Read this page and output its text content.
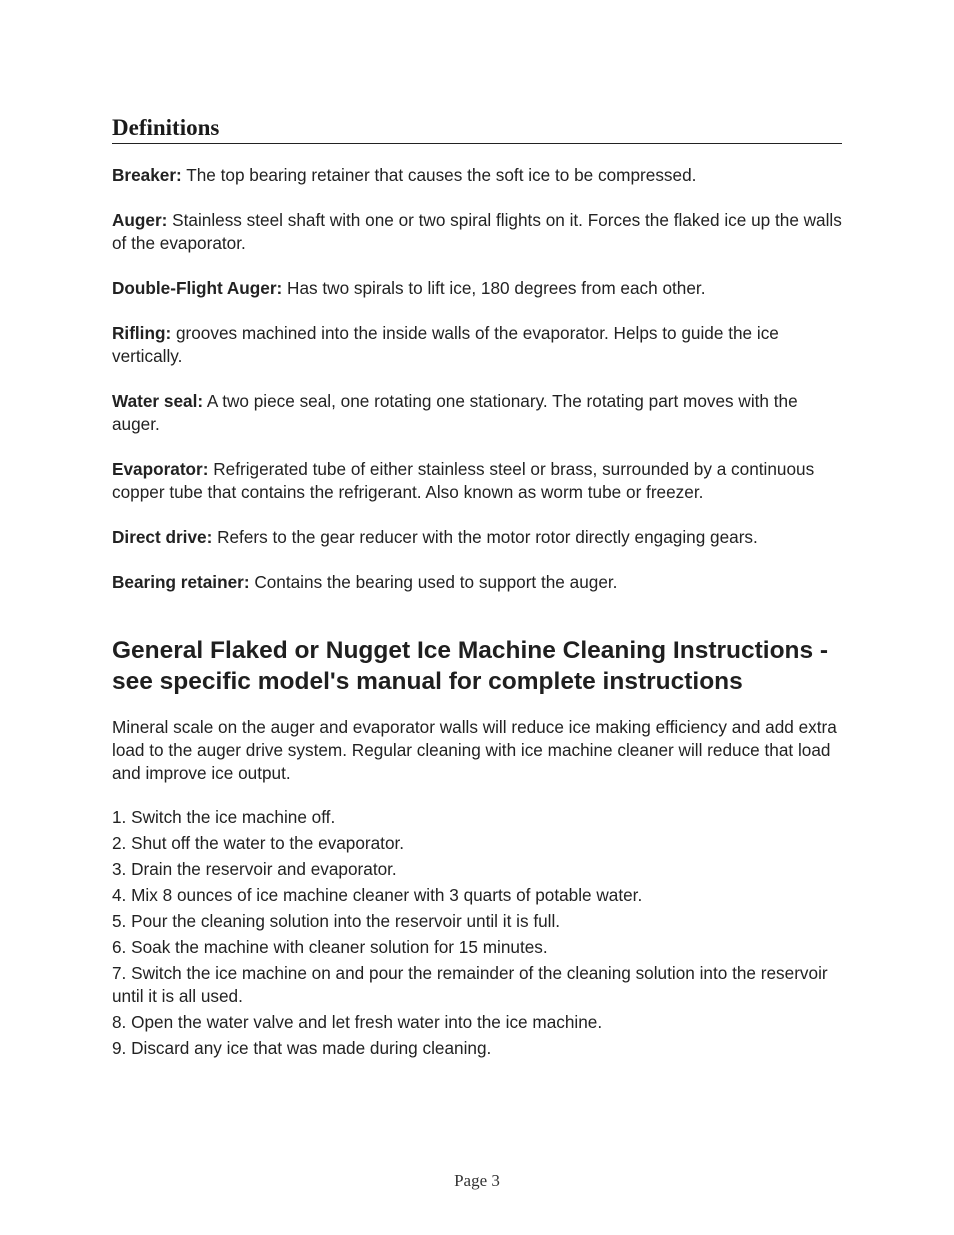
Definitions

Breaker: The top bearing retainer that causes the soft ice to be compressed.

Auger: Stainless steel shaft with one or two spiral flights on it. Forces the flaked ice up the walls of the evaporator.

Double-Flight Auger: Has two spirals to lift ice, 180 degrees from each other.

Rifling: grooves machined into the inside walls of the evaporator. Helps to guide the ice vertically.

Water seal: A two piece seal, one rotating one stationary. The rotating part moves with the auger.

Evaporator: Refrigerated tube of either stainless steel or brass, surrounded by a continuous copper tube that contains the refrigerant. Also known as worm tube or freezer.

Direct drive: Refers to the gear reducer with the motor rotor directly engaging gears.

Bearing retainer: Contains the bearing used to support the auger.

General Flaked or Nugget Ice Machine Cleaning Instructions - see specific model's manual for complete instructions

Mineral scale on the auger and evaporator walls will reduce ice making efficiency and add extra load to the auger drive system. Regular cleaning with ice machine cleaner will reduce that load and improve ice output.

1. Switch the ice machine off.
2. Shut off the water to the evaporator.
3. Drain the reservoir and evaporator.
4. Mix 8 ounces of ice machine cleaner with 3 quarts of potable water.
5. Pour the cleaning solution into the reservoir until it is full.
6. Soak the machine with cleaner solution for 15 minutes.
7. Switch the ice machine on and pour the remainder of the cleaning solution into the reservoir until it is all used.
8. Open the water valve and let fresh water into the ice machine.
9. Discard any ice that was made during cleaning.
Page 3
